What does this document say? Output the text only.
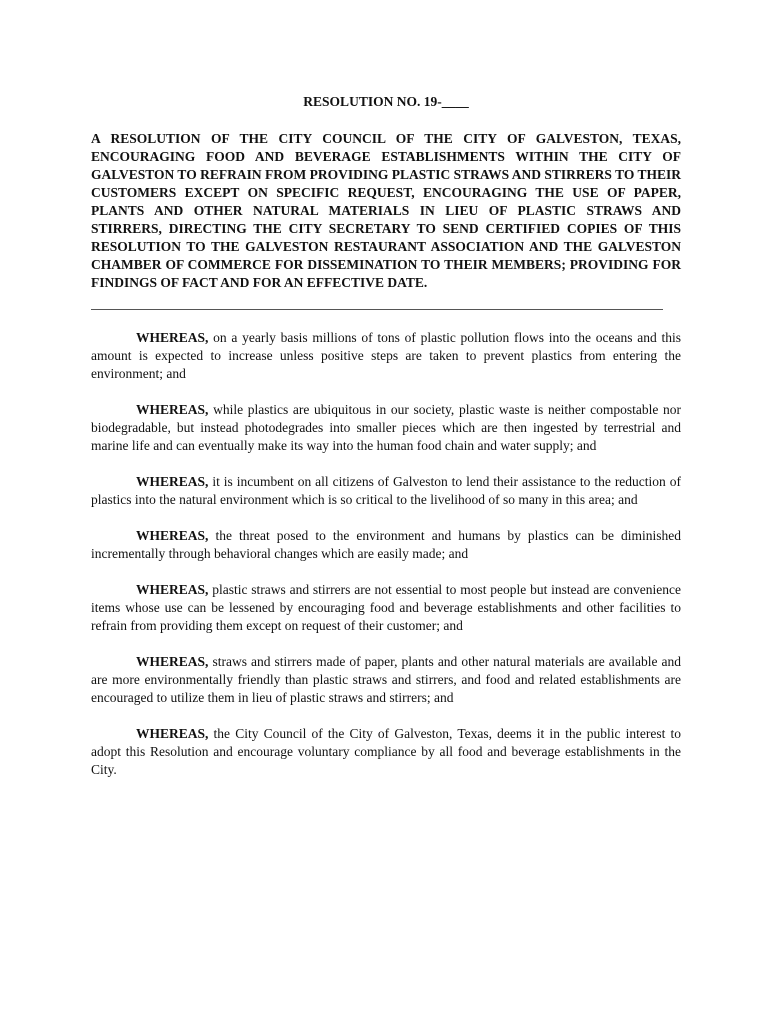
RESOLUTION NO. 19-____

A RESOLUTION OF THE CITY COUNCIL OF THE CITY OF GALVESTON, TEXAS, ENCOURAGING FOOD AND BEVERAGE ESTABLISHMENTS WITHIN THE CITY OF GALVESTON TO REFRAIN FROM PROVIDING PLASTIC STRAWS AND STIRRERS TO THEIR CUSTOMERS EXCEPT ON SPECIFIC REQUEST, ENCOURAGING THE USE OF PAPER, PLANTS AND OTHER NATURAL MATERIALS IN LIEU OF PLASTIC STRAWS AND STIRRERS, DIRECTING THE CITY SECRETARY TO SEND CERTIFIED COPIES OF THIS RESOLUTION TO THE GALVESTON RESTAURANT ASSOCIATION AND THE GALVESTON CHAMBER OF COMMERCE FOR DISSEMINATION TO THEIR MEMBERS; PROVIDING FOR FINDINGS OF FACT AND FOR AN EFFECTIVE DATE.

WHEREAS, on a yearly basis millions of tons of plastic pollution flows into the oceans and this amount is expected to increase unless positive steps are taken to prevent plastics from entering the environment; and

WHEREAS, while plastics are ubiquitous in our society, plastic waste is neither compostable nor biodegradable, but instead photodegrades into smaller pieces which are then ingested by terrestrial and marine life and can eventually make its way into the human food chain and water supply; and

WHEREAS, it is incumbent on all citizens of Galveston to lend their assistance to the reduction of plastics into the natural environment which is so critical to the livelihood of so many in this area; and

WHEREAS, the threat posed to the environment and humans by plastics can be diminished incrementally through behavioral changes which are easily made; and

WHEREAS, plastic straws and stirrers are not essential to most people but instead are convenience items whose use can be lessened by encouraging food and beverage establishments and other facilities to refrain from providing them except on request of their customer; and

WHEREAS, straws and stirrers made of paper, plants and other natural materials are available and are more environmentally friendly than plastic straws and stirrers, and food and related establishments are encouraged to utilize them in lieu of plastic straws and stirrers; and

WHEREAS, the City Council of the City of Galveston, Texas, deems it in the public interest to adopt this Resolution and encourage voluntary compliance by all food and beverage establishments in the City.
